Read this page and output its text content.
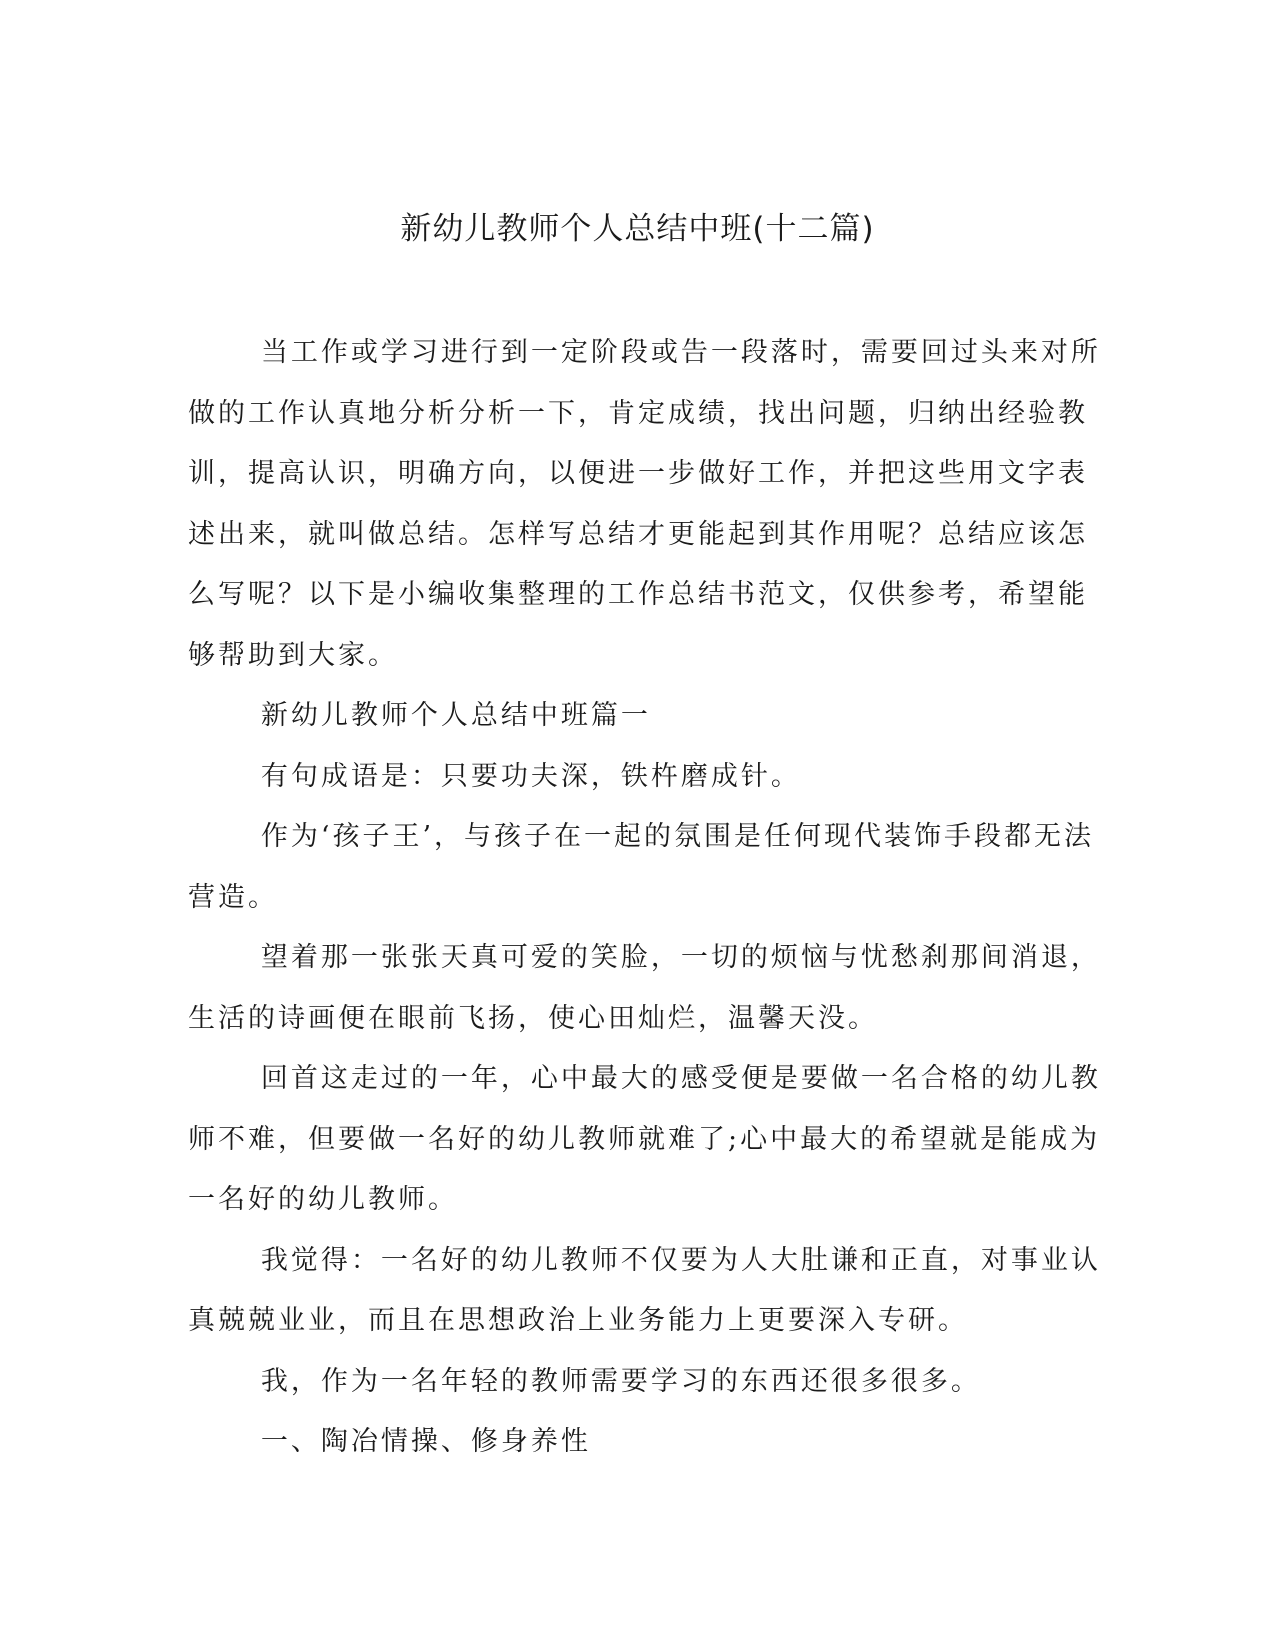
新幼儿教师个人总结中班(十二篇)

当工作或学习进行到一定阶段或告一段落时，需要回过头来对所
做的工作认真地分析分析一下，肯定成绩，找出问题，归纳出经验教
训，提高认识，明确方向，以便进一步做好工作，并把这些用文字表
述出来，就叫做总结。怎样写总结才更能起到其作用呢？总结应该怎
么写呢？以下是小编收集整理的工作总结书范文，仅供参考，希望能
够帮助到大家。

新幼儿教师个人总结中班篇一

有句成语是：只要功夫深，铁杵磨成针。

作为‘孩子王’，与孩子在一起的氛围是任何现代装饰手段都无法
营造。

望着那一张张天真可爱的笑脸，一切的烦恼与忧愁刹那间消退，
生活的诗画便在眼前飞扬，使心田灿烂，温馨天没。

回首这走过的一年，心中最大的感受便是要做一名合格的幼儿教
师不难，但要做一名好的幼儿教师就难了;心中最大的希望就是能成为
一名好的幼儿教师。

我觉得：一名好的幼儿教师不仅要为人大肚谦和正直，对事业认
真兢兢业业，而且在思想政治上业务能力上更要深入专研。

我，作为一名年轻的教师需要学习的东西还很多很多。

一、陶冶情操、修身养性
